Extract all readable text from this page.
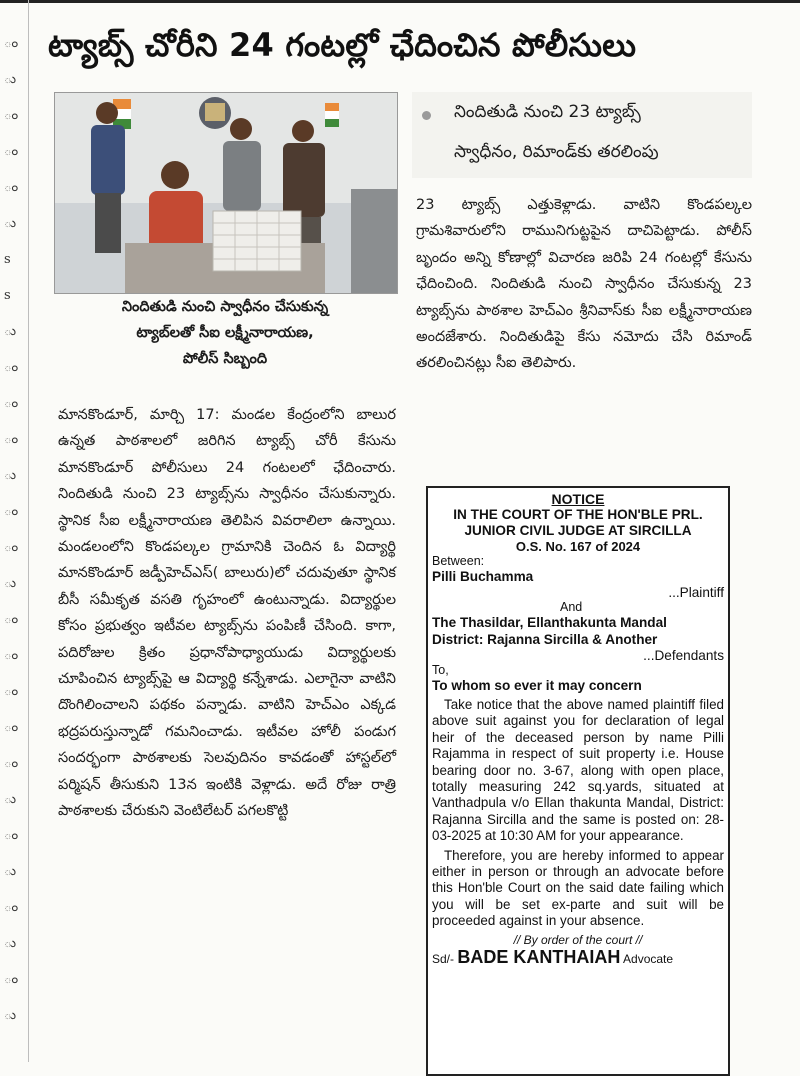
ం
ు
ం
ం
ం
ు
s
s
ు
ం
ం
ం
ు
ం
ం
ు
ం
ం
ం
ం
ం
ు
ం
ు
ం
ు
ం
ు
ట్యాబ్స్ చోరీని 24 గంటల్లో ఛేదించిన పోలీసులు
నిందితుడి నుంచి స్వాధీనం చేసుకున్న
ట్యాబ్‌లతో సీఐ లక్ష్మీనారాయణ,
పోలీస్ సిబ్బంది
మానకొండూర్, మార్చి 17: మండల కేంద్రంలోని బాలుర ఉన్నత పాఠశాలలో జరిగిన ట్యాబ్స్ చోరీ కేసును మానకొండూర్ పోలీసులు 24 గంటలలో ఛేదించారు. నిందితుడి నుంచి 23 ట్యాబ్స్‌ను స్వాధీనం చేసుకున్నారు. స్థానిక సీఐ లక్ష్మీనారాయణ తెలిపిన వివరాలిలా ఉన్నాయి. మండలంలోని కొండపల్కల గ్రామానికి చెందిన ఓ విద్యార్థి మానకొండూర్ జడ్పీహెచ్ఎస్( బాలురు)లో చదువుతూ స్థానిక బీసీ సమీకృత వసతి గృహంలో ఉంటున్నాడు. విద్యార్థుల కోసం ప్రభుత్వం ఇటీవల ట్యాబ్స్‌ను పంపిణీ చేసింది. కాగా, పదిరోజుల క్రితం ప్రధానోపాధ్యాయుడు విద్యార్థులకు చూపించిన ట్యాబ్స్‌పై ఆ విద్యార్థి కన్నేశాడు. ఎలాగైనా వాటిని దొంగిలించాలని పథకం పన్నాడు. వాటిని హెచ్ఎం ఎక్కడ భద్రపరుస్తున్నాడో గమనించాడు. ఇటీవల హోలీ పండుగ సందర్భంగా పాఠశాలకు సెలవుదినం కావడంతో హాస్టల్‌లో పర్మిషన్ తీసుకుని 13న ఇంటికి వెళ్లాడు. అదే రోజు రాత్రి పాఠశాలకు చేరుకుని వెంటిలేటర్ పగలకొట్టి
నిందితుడి నుంచి 23 ట్యాబ్స్
స్వాధీనం, రిమాండ్‌కు తరలింపు
23 ట్యాబ్స్ ఎత్తుకెళ్లాడు. వాటిని కొండపల్కల గ్రామశివారులోని రామునిగుట్టపైన దాచిపెట్టాడు. పోలీస్ బృందం అన్ని కోణాల్లో విచారణ జరిపి 24 గంటల్లో కేసును ఛేదించింది. నిందితుడి నుంచి స్వాధీనం చేసుకున్న 23 ట్యాబ్స్‌ను పాఠశాల హెచ్ఎం శ్రీనివాస్‌కు సీఐ లక్ష్మీనారాయణ అందజేశారు. నిందితుడిపై కేసు నమోదు చేసి రిమాండ్ తరలించినట్లు సీఐ తెలిపారు.
NOTICE
IN THE COURT OF THE HON'BLE PRL.
JUNIOR CIVIL JUDGE AT SIRCILLA
O.S. No. 167 of 2024
Between:
Pilli Buchamma
...Plaintiff
And
The Thasildar, Ellanthakunta Mandal
District: Rajanna Sircilla & Another
...Defendants
To,
To whom so ever it may concern
Take notice that the above named plaintiff filed above suit against you for declaration of legal heir of the deceased person by name Pilli Rajamma in respect of suit property i.e. House bearing door no. 3-67, along with open place, totally measuring 242 sq.yards, situated at Vanthadpula v/o Ellan thakunta Mandal, District: Rajanna Sircilla and the same is posted on: 28-03-2025 at 10:30 AM for your appearance.
Therefore, you are hereby informed to appear either in person or through an advocate before this Hon'ble Court on the said date failing which you will be set ex-parte and suit will be proceeded against in your absence.
// By order of the court //
Sd/- BADE KANTHAIAH Advocate
